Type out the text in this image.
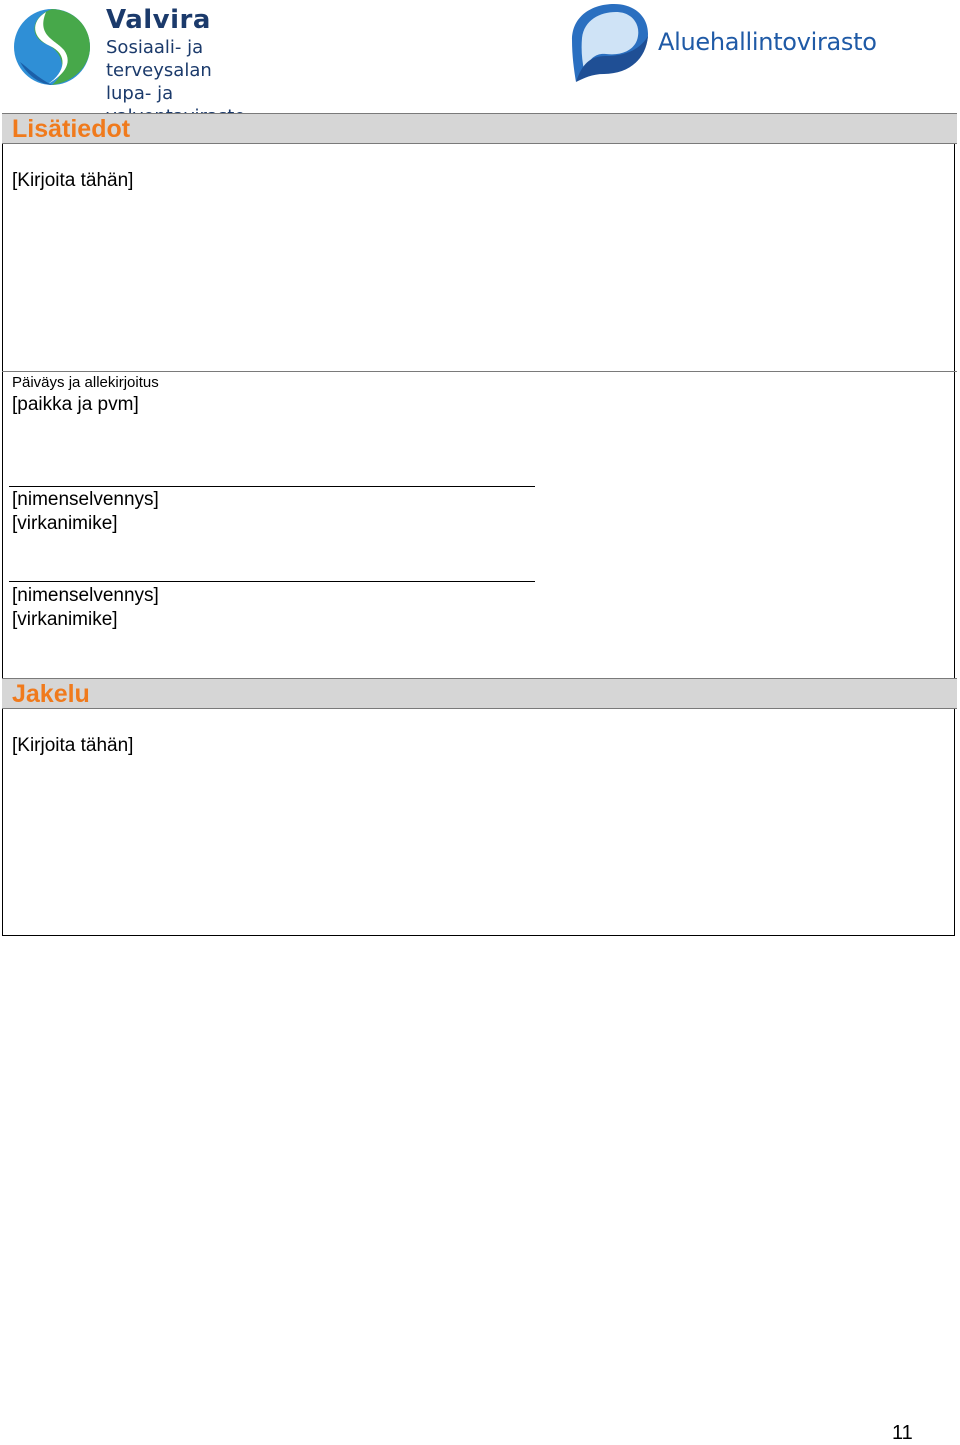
Valvira
Sosiaali- ja terveysalan
lupa- ja
Aluehallintovirasto
Lisätiedot
[Kirjoita tähän]
Päiväys ja allekirjoitus
[paikka ja pvm]
[nimenselvennys]
[virkanimike]
[nimenselvennys]
[virkanimike]
Jakelu
[Kirjoita tähän]
11
